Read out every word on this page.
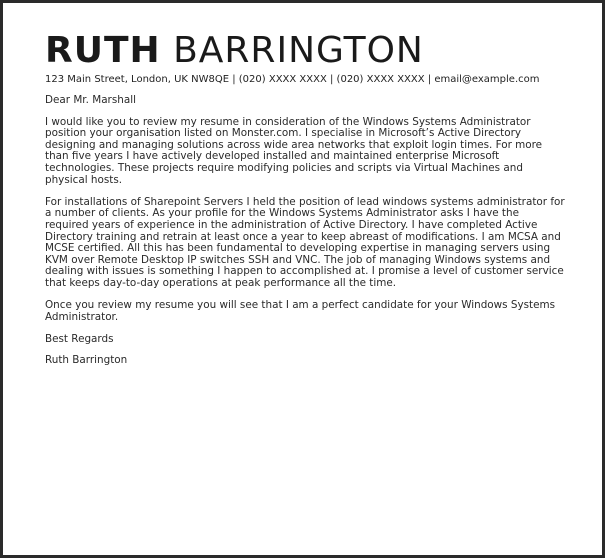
RUTH BARRINGTON
123 Main Street, London, UK NW8QE | (020) XXXX XXXX | (020) XXXX XXXX | email@example.com

Dear Mr. Marshall

I would like you to review my resume in consideration of the Windows Systems Administrator position your organisation listed on Monster.com. I specialise in Microsoft’s Active Directory designing and managing solutions across wide area networks that exploit login times. For more than five years I have actively developed installed and maintained enterprise Microsoft technologies. These projects require modifying policies and scripts via Virtual Machines and physical hosts.

For installations of Sharepoint Servers I held the position of lead windows systems administrator for a number of clients. As your profile for the Windows Systems Administrator asks I have the required years of experience in the administration of Active Directory. I have completed Active Directory training and retrain at least once a year to keep abreast of modifications. I am MCSA and MCSE certified. All this has been fundamental to developing expertise in managing servers using KVM over Remote Desktop IP switches SSH and VNC. The job of managing Windows systems and dealing with issues is something I happen to accomplished at. I promise a level of customer service that keeps day-to-day operations at peak performance all the time.

Once you review my resume you will see that I am a perfect candidate for your Windows Systems Administrator.

Best Regards

Ruth Barrington
